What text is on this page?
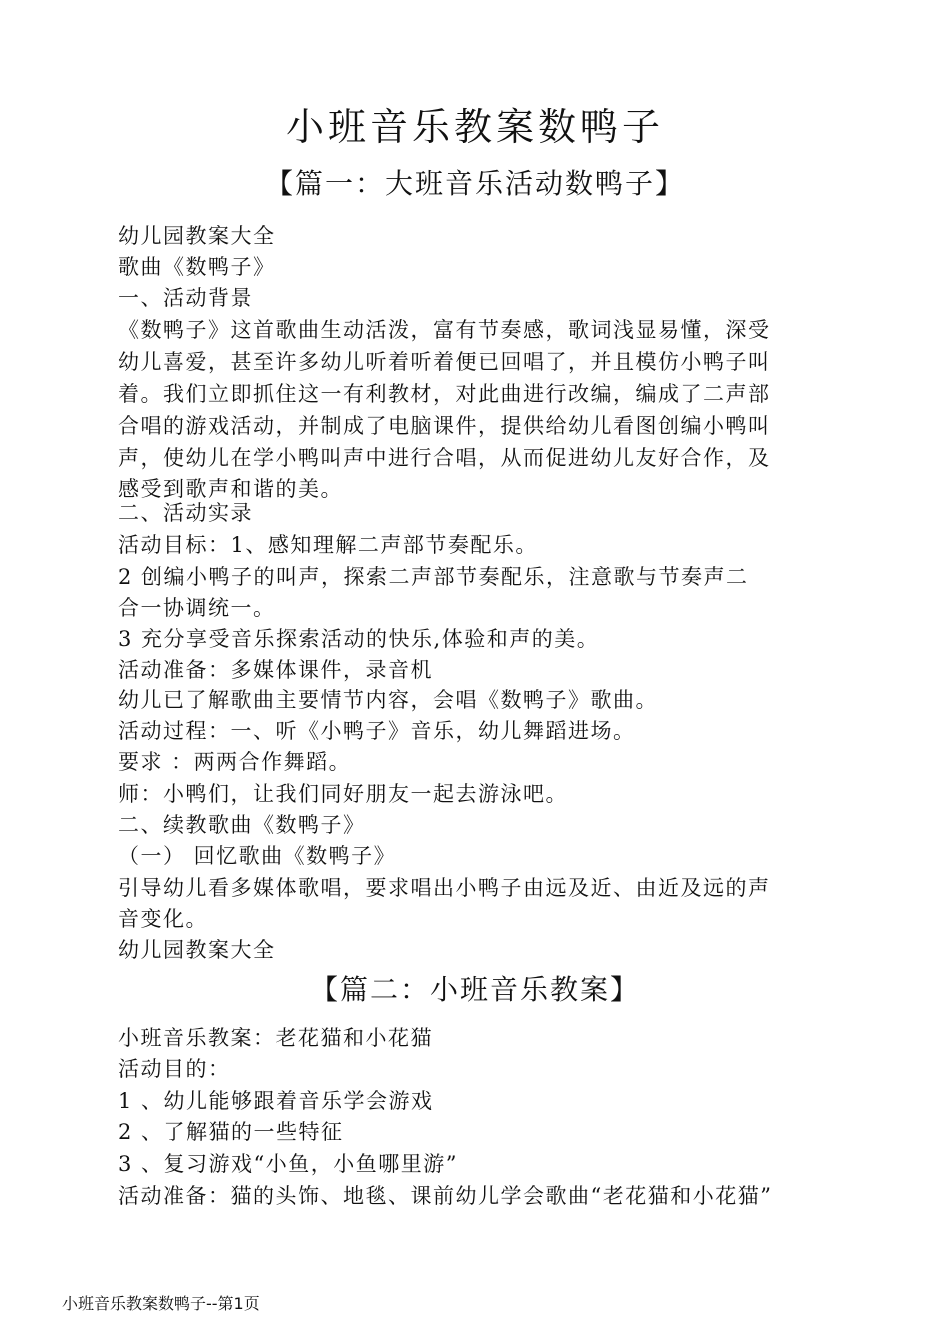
小班音乐教案数鸭子
【篇一：大班音乐活动数鸭子】
幼儿园教案大全
歌曲《数鸭子》
一、活动背景
《数鸭子》这首歌曲生动活泼，富有节奏感，歌词浅显易懂，深受
幼儿喜爱，甚至许多幼儿听着听着便已回唱了，并且模仿小鸭子叫
着。我们立即抓住这一有利教材，对此曲进行改编，编成了二声部
合唱的游戏活动，并制成了电脑课件，提供给幼儿看图创编小鸭叫
声，使幼儿在学小鸭叫声中进行合唱，从而促进幼儿友好合作，及
感受到歌声和谐的美。
二、活动实录
活动目标：1、感知理解二声部节奏配乐。
2 创编小鸭子的叫声，探索二声部节奏配乐，注意歌与节奏声二
合一协调统一。
3 充分享受音乐探索活动的快乐,体验和声的美。
活动准备：多媒体课件，录音机
幼儿已了解歌曲主要情节内容，会唱《数鸭子》歌曲。
活动过程：一、听《小鸭子》音乐，幼儿舞蹈进场。
要求 ：两两合作舞蹈。
师：小鸭们，让我们同好朋友一起去游泳吧。
二、续教歌曲《数鸭子》
（一） 回忆歌曲《数鸭子》
引导幼儿看多媒体歌唱，要求唱出小鸭子由远及近、由近及远的声
音变化。
幼儿园教案大全
【篇二：小班音乐教案】
小班音乐教案：老花猫和小花猫
活动目的：
1 、幼儿能够跟着音乐学会游戏
2 、了解猫的一些特征
3 、复习游戏“小鱼，小鱼哪里游”
活动准备：猫的头饰、地毯、课前幼儿学会歌曲“老花猫和小花猫”
小班音乐教案数鸭子--第1页
